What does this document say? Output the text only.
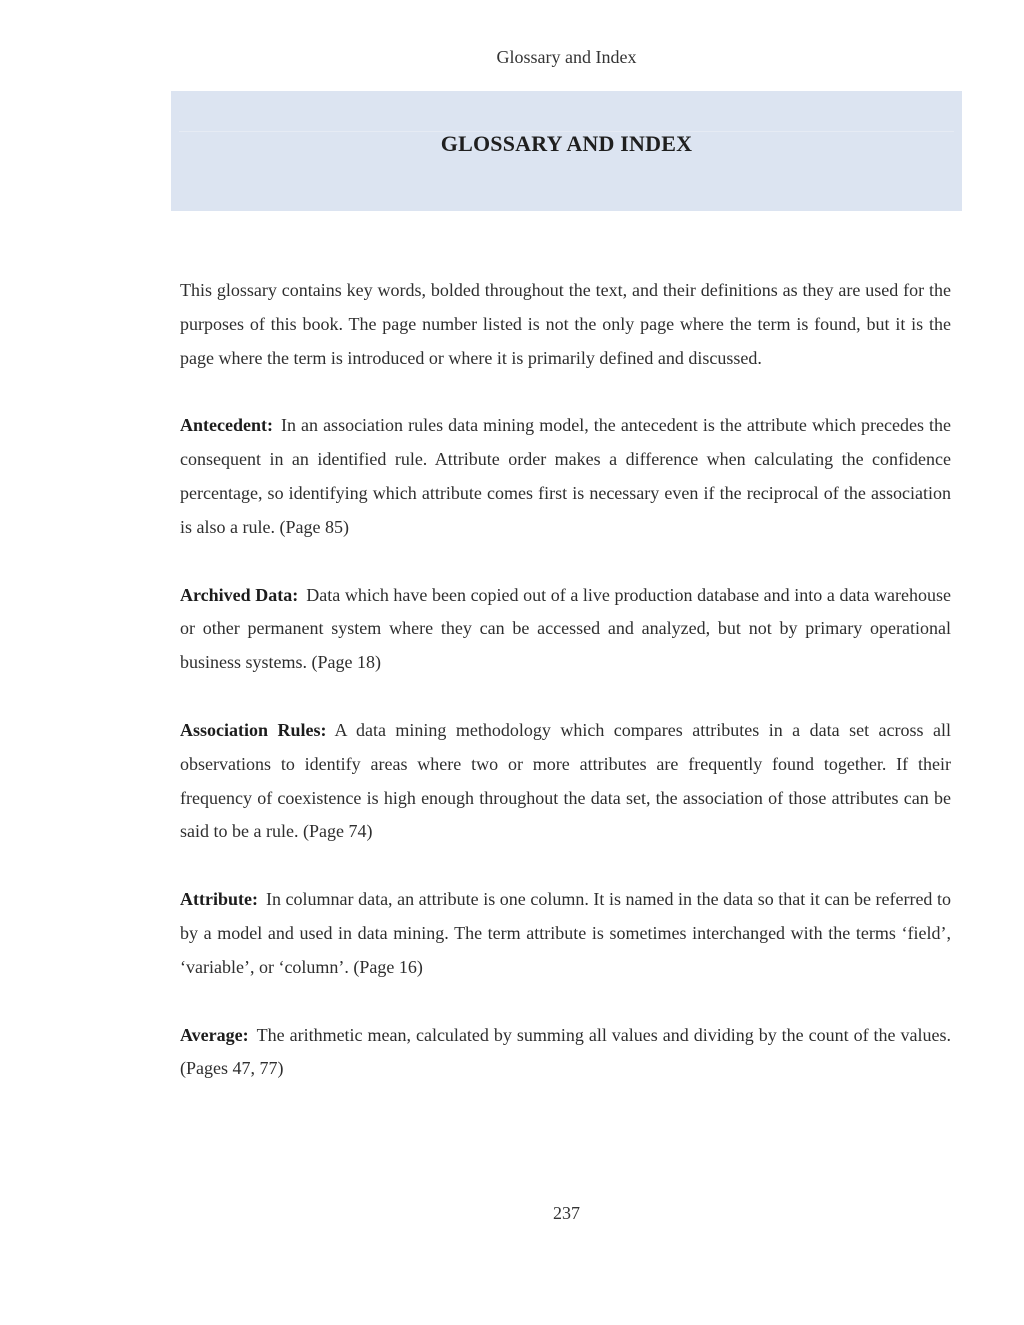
Glossary and Index
GLOSSARY AND INDEX

This glossary contains key words, bolded throughout the text, and their definitions as they are used for the purposes of this book. The page number listed is not the only page where the term is found, but it is the page where the term is introduced or where it is primarily defined and discussed.

Antecedent: In an association rules data mining model, the antecedent is the attribute which precedes the consequent in an identified rule. Attribute order makes a difference when calculating the confidence percentage, so identifying which attribute comes first is necessary even if the reciprocal of the association is also a rule. (Page 85)

Archived Data: Data which have been copied out of a live production database and into a data warehouse or other permanent system where they can be accessed and analyzed, but not by primary operational business systems. (Page 18)

Association Rules: A data mining methodology which compares attributes in a data set across all observations to identify areas where two or more attributes are frequently found together. If their frequency of coexistence is high enough throughout the data set, the association of those attributes can be said to be a rule. (Page 74)

Attribute: In columnar data, an attribute is one column. It is named in the data so that it can be referred to by a model and used in data mining. The term attribute is sometimes interchanged with the terms ‘field’, ‘variable’, or ‘column’. (Page 16)

Average: The arithmetic mean, calculated by summing all values and dividing by the count of the values. (Pages 47, 77)

237
